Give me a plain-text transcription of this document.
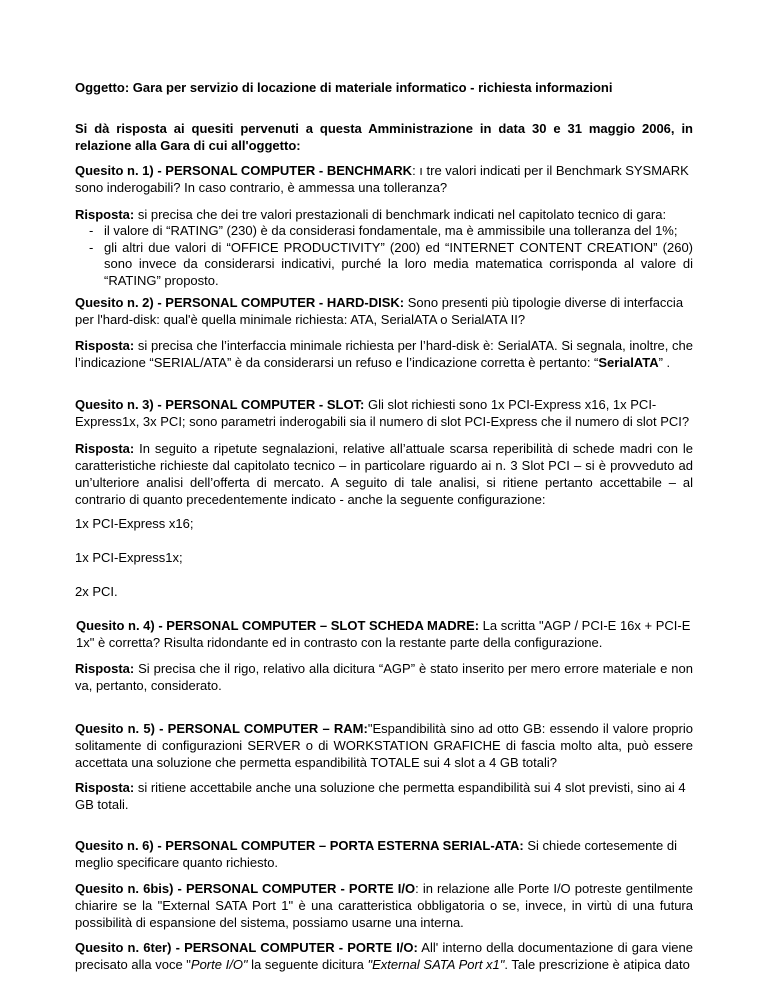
Oggetto: Gara per servizio di locazione di materiale informatico - richiesta informazioni

Si dà risposta ai quesiti pervenuti a questa Amministrazione in data 30 e 31 maggio 2006, in relazione alla Gara di cui all'oggetto:

Quesito n. 1) - PERSONAL COMPUTER - BENCHMARK: ı tre valori indicati per il Benchmark SYSMARK sono inderogabili? In caso contrario, è ammessa una tolleranza?

Risposta: si precisa che dei tre valori prestazionali di benchmark indicati nel capitolato tecnico di gara:

- il valore di “RATING” (230) è da considerasi fondamentale, ma è ammissibile una tolleranza del 1%;
- gli altri due valori di “OFFICE PRODUCTIVITY” (200) ed “INTERNET CONTENT CREATION” (260) sono invece da considerarsi indicativi, purché la loro media matematica corrisponda al valore di “RATING” proposto.

Quesito n. 2) - PERSONAL COMPUTER - HARD-DISK: Sono presenti più tipologie diverse di interfaccia per l'hard-disk: qual'è quella minimale richiesta: ATA, SerialATA o SerialATA II?

Risposta: si precisa che l’interfaccia minimale richiesta per l’hard-disk è: SerialATA. Si segnala, inoltre, che l’indicazione “SERIAL/ATA” è da considerarsi un refuso e l’indicazione corretta è pertanto: “SerialATA” .

Quesito n. 3) - PERSONAL COMPUTER - SLOT: Gli slot richiesti sono 1x PCI-Express x16, 1x PCI-Express1x, 3x PCI; sono parametri inderogabili sia il numero di slot PCI-Express che il numero di slot PCI?

Risposta: In seguito a ripetute segnalazioni, relative all’attuale scarsa reperibilità di schede madri con le caratteristiche richieste dal capitolato tecnico – in particolare riguardo ai n. 3 Slot PCI – si è provveduto ad un’ulteriore analisi dell’offerta di mercato. A seguito di tale analisi, si ritiene pertanto accettabile – al contrario di quanto precedentemente indicato - anche la seguente configurazione:

1x PCI-Express x16;

1x PCI-Express1x;

2x PCI.

Quesito n. 4) - PERSONAL COMPUTER – SLOT SCHEDA MADRE: La scritta "AGP / PCI-E 16x + PCI-E 1x" è corretta? Risulta ridondante ed in contrasto con la restante parte della configurazione.

Risposta: Si precisa che il rigo, relativo alla dicitura “AGP” è stato inserito per mero errore materiale e non va, pertanto, considerato.

Quesito n. 5) - PERSONAL COMPUTER – RAM:"Espandibilità sino ad otto GB: essendo il valore proprio solitamente di configurazioni SERVER o di WORKSTATION GRAFICHE di fascia molto alta, può essere accettata una soluzione che permetta espandibilità TOTALE sui 4 slot a 4 GB totali?

Risposta: si ritiene accettabile anche una soluzione che permetta espandibilità sui 4 slot previsti, sino ai 4 GB totali.

Quesito n. 6) - PERSONAL COMPUTER – PORTA ESTERNA SERIAL-ATA: Si chiede cortesemente di meglio specificare quanto richiesto.

Quesito n. 6bis) - PERSONAL COMPUTER - PORTE I/O: in relazione alle Porte I/O potreste gentilmente chiarire se la "External SATA Port 1" è una caratteristica obbligatoria o se, invece, in virtù di una futura possibilità di espansione del sistema, possiamo usarne una interna.

Quesito n. 6ter) - PERSONAL COMPUTER - PORTE I/O: All' interno della documentazione di gara viene precisato alla voce "Porte I/O" la seguente dicitura "External SATA Port x1". Tale prescrizione è atipica dato
